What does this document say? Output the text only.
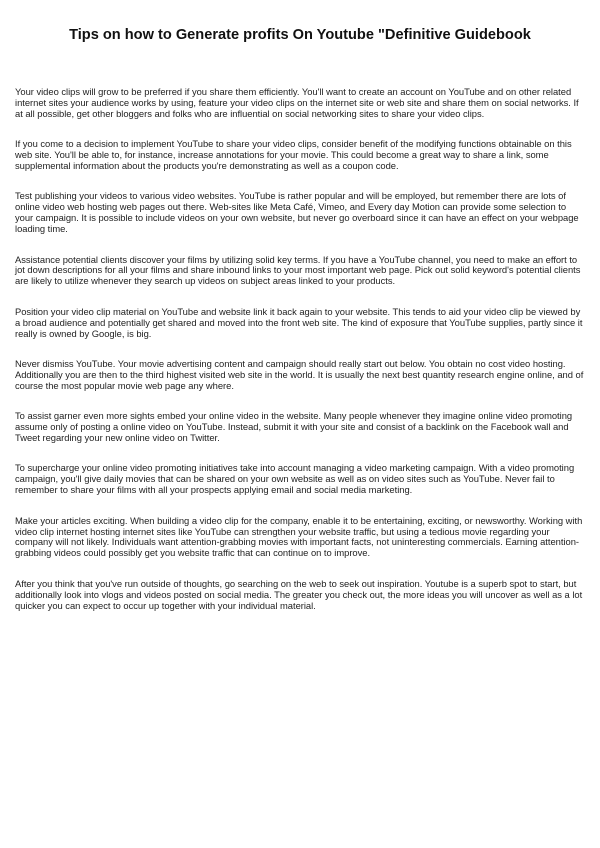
Tips on how to Generate profits On Youtube "Definitive Guidebook

Your video clips will grow to be preferred if you share them efficiently. You'll want to create an account on YouTube and on other related internet sites your audience works by using, feature your video clips on the internet site or web site and share them on social networks. If at all possible, get other bloggers and folks who are influential on social networking sites to share your video clips.

If you come to a decision to implement YouTube to share your video clips, consider benefit of the modifying functions obtainable on this web site. You'll be able to, for instance, increase annotations for your movie. This could become a great way to share a link, some supplemental information about the products you're demonstrating as well as a coupon code.

Test publishing your videos to various video websites. YouTube is rather popular and will be employed, but remember there are lots of online video web hosting web pages out there. Web-sites like Meta Café, Vimeo, and Every day Motion can provide some selection to your campaign. It is possible to include videos on your own website, but never go overboard since it can have an effect on your webpage loading time.

Assistance potential clients discover your films by utilizing solid key terms. If you have a YouTube channel, you need to make an effort to jot down descriptions for all your films and share inbound links to your most important web page. Pick out solid keyword's potential clients are likely to utilize whenever they search up videos on subject areas linked to your products.

Position your video clip material on YouTube and website link it back again to your website. This tends to aid your video clip be viewed by a broad audience and potentially get shared and moved into the front web site. The kind of exposure that YouTube supplies, partly since it really is owned by Google, is big.

Never dismiss YouTube. Your movie advertising content and campaign should really start out below. You obtain no cost video hosting. Additionally you are then to the third highest visited web site in the world. It is usually the next best quantity research engine online, and of course the most popular movie web page any where.

To assist garner even more sights embed your online video in the website. Many people whenever they imagine online video promoting assume only of posting a online video on YouTube. Instead, submit it with your site and consist of a backlink on the Facebook wall and Tweet regarding your new online video on Twitter.

To supercharge your online video promoting initiatives take into account managing a video marketing campaign. With a video promoting campaign, you'll give daily movies that can be shared on your own website as well as on video sites such as YouTube. Never fail to remember to share your films with all your prospects applying email and social media marketing.

Make your articles exciting. When building a video clip for the company, enable it to be entertaining, exciting, or newsworthy. Working with video clip internet hosting internet sites like YouTube can strengthen your website traffic, but using a tedious movie regarding your company will not likely. Individuals want attention-grabbing movies with important facts, not uninteresting commercials. Earning attention-grabbing videos could possibly get you website traffic that can continue on to improve.

After you think that you've run outside of thoughts, go searching on the web to seek out inspiration. Youtube is a superb spot to start, but additionally look into vlogs and videos posted on social media. The greater you check out, the more ideas you will uncover as well as a lot quicker you can expect to occur up together with your individual material.
